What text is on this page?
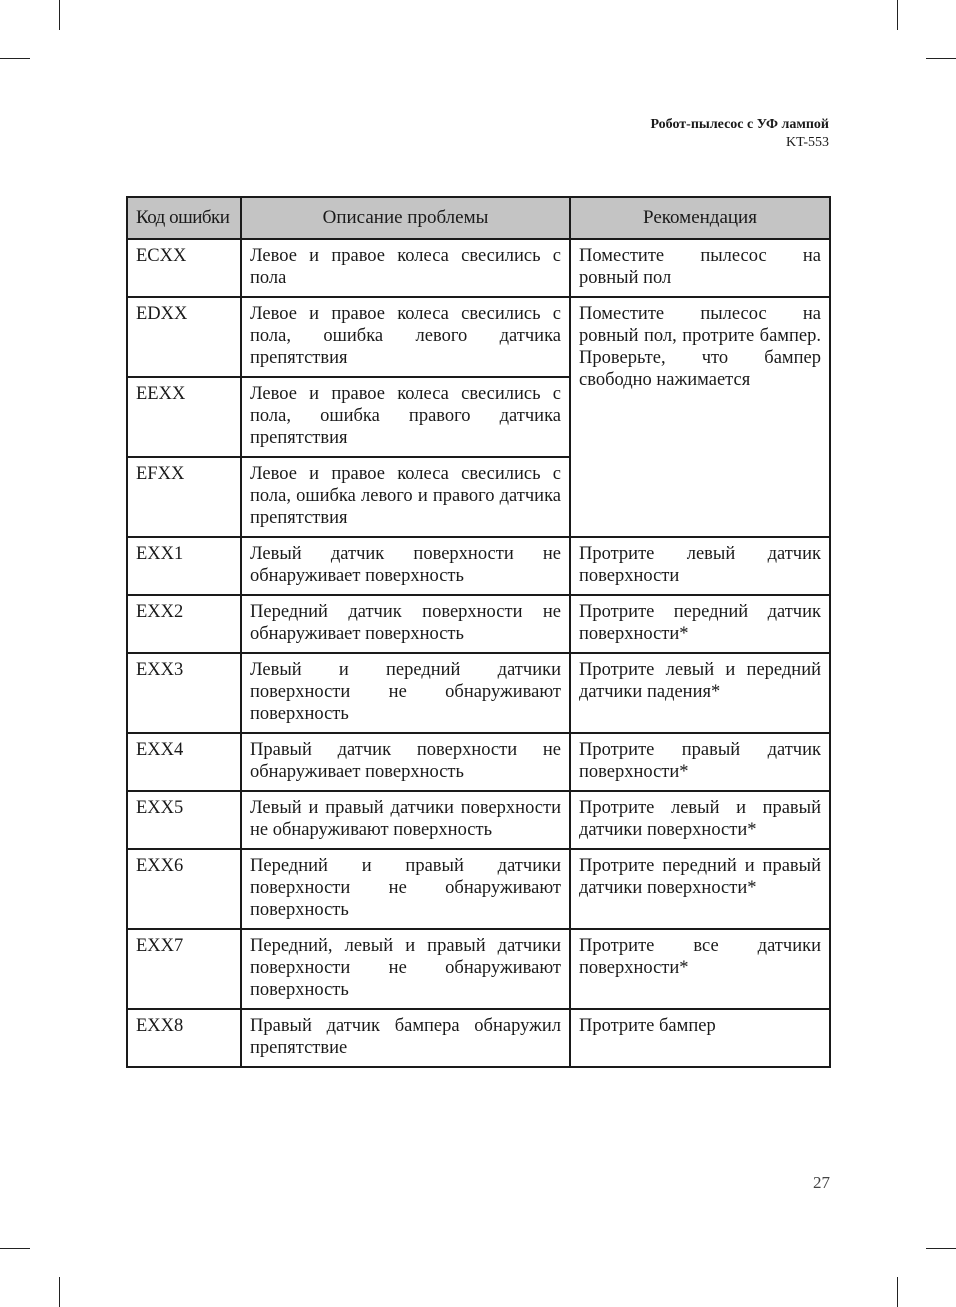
Робот-пылесос с УФ лампой
KT-553
Код ошибки	Описание проблемы	Рекомендация
ECXX	Левое и правое колеса свесились с пола	Поместите пылесос на ровный пол
EDXX	Левое и правое колеса свесились с пола, ошибка левого датчика препятствия	Поместите пылесос на ровный пол, протрите бампер. Проверьте, что бампер свободно нажимается
EEXX	Левое и правое колеса свесились с пола, ошибка правого датчика препятствия	
EFXX	Левое и правое колеса свесились с пола, ошибка левого и правого датчика препятствия	
EXX1	Левый датчик поверхности не обнаруживает поверхность	Протрите левый датчик поверхности
EXX2	Передний датчик поверхности не обнаруживает поверхность	Протрите передний датчик поверхности*
EXX3	Левый и передний датчики поверхности не обнаруживают поверхность	Протрите левый и передний датчики падения*
EXX4	Правый датчик поверхности не обнаруживает поверхность	Протрите правый датчик поверхности*
EXX5	Левый и правый датчики поверхности не обнаруживают поверхность	Протрите левый и правый датчики поверхности*
EXX6	Передний и правый датчики поверхности не обнаруживают поверхность	Протрите передний и правый датчики поверхности*
EXX7	Передний, левый и правый датчики поверхности не обнаруживают поверхность	Протрите все датчики поверхности*
EXX8	Правый датчик бампера обнаружил препятствие	Протрите бампер
27
